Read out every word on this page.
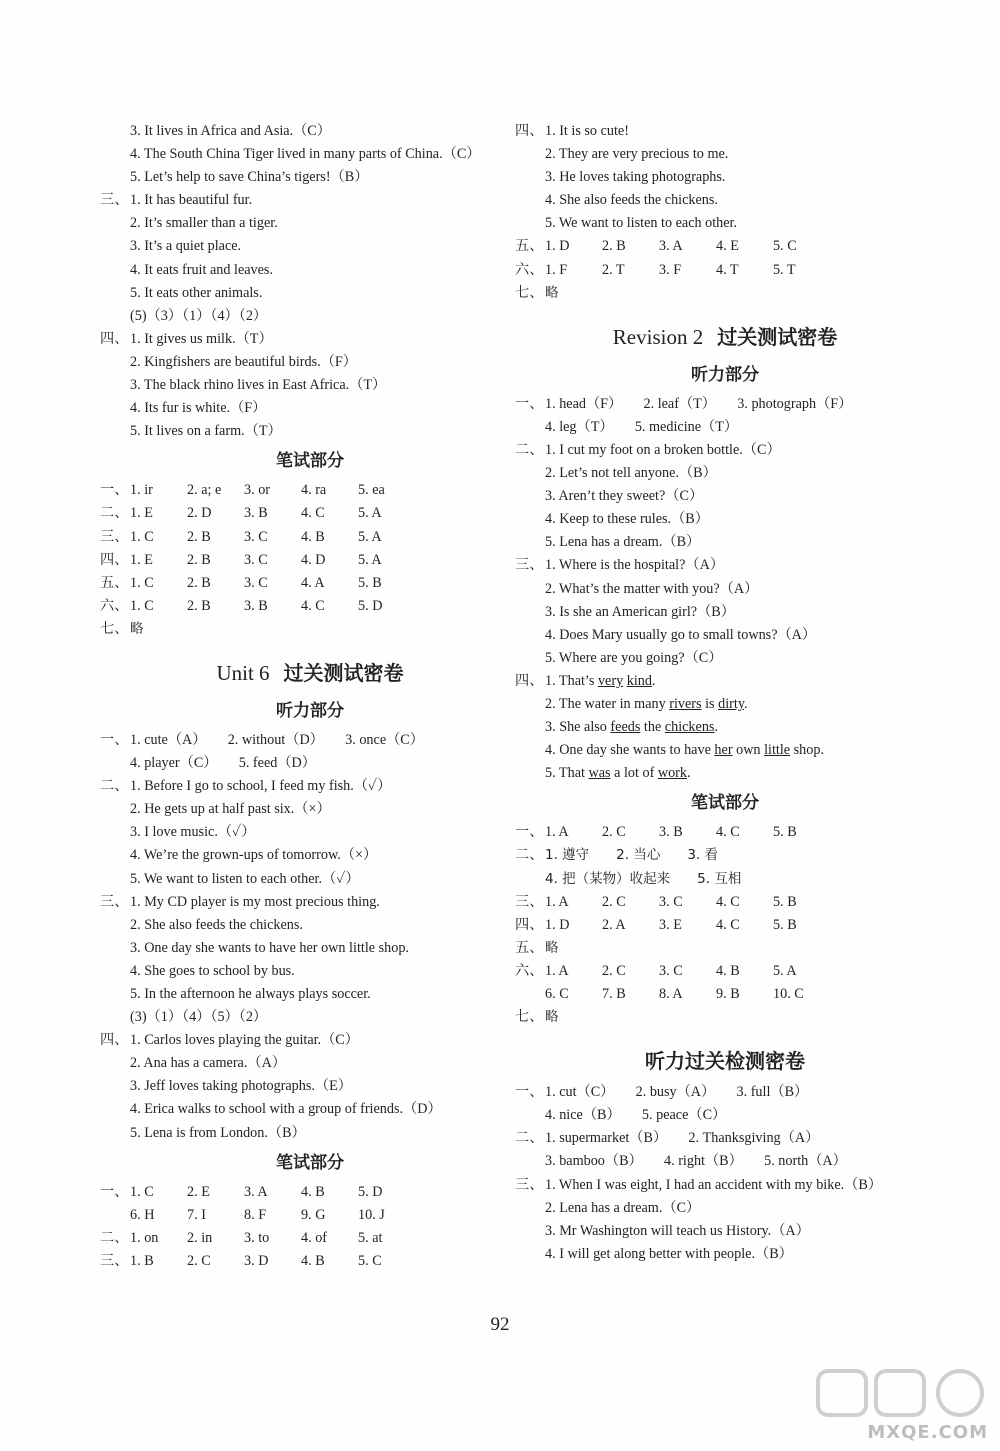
3. It lives in Africa and Asia.（C）
4. The South China Tiger lived in many parts of China.（C）
5. Let’s help to save China’s tigers!（B）
三、 1. It has beautiful fur.
2. It’s smaller than a tiger.
3. It’s a quiet place.
4. It eats fruit and leaves.
5. It eats other animals.
(5)（3）（1）（4）（2）
四、 1. It gives us milk.（T）
2. Kingfishers are beautiful birds.（F）
3. The black rhino lives in East Africa.（T）
4. Its fur is white.（F）
5. It lives on a farm.（T）
笔试部分
一、 1. ir 2. a; e 3. or 4. ra 5. ea
二、 1. E 2. D 3. B 4. C 5. A
三、 1. C 2. B 3. C 4. B 5. A
四、 1. E 2. B 3. C 4. D 5. A
五、 1. C 2. B 3. C 4. A 5. B
六、 1. C 2. B 3. B 4. C 5. D
七、 略
Unit 6 过关测试密卷
听力部分
一、 1. cute（A）　　2. without（D）　　3. once（C）
4. player（C）　　5. feed（D）
二、 1. Before I go to school, I feed my fish.（✓）
2. He gets up at half past six.（×）
3. I love music.（✓）
4. We’re the grown-ups of tomorrow.（×）
5. We want to listen to each other.（✓）
三、 1. My CD player is my most precious thing.
2. She also feeds the chickens.
3. One day she wants to have her own little shop.
4. She goes to school by bus.
5. In the afternoon he always plays soccer.
(3)（1）（4）（5）（2）
四、 1. Carlos loves playing the guitar.（C）
2. Ana has a camera.（A）
3. Jeff loves taking photographs.（E）
4. Erica walks to school with a group of friends.（D）
5. Lena is from London.（B）
笔试部分
一、 1. C 2. E 3. A 4. B 5. D
6. H 7. I	8. F 9. G 10. J
二、 1. on 2. in 3. to 4. of 5. at
三、 1. B 2. C 3. D 4. B 5. C
四、 1. It is so cute!
2. They are very precious to me.
3. He loves taking photographs.
4. She also feeds the chickens.
5. We want to listen to each other.
五、 1. D 2. B 3. A 4. E 5. C
六、 1. F 2. T 3. F 4. T 5. T
七、 略
Revision 2 过关测试密卷
听力部分
一、 1. head（F）　　2. leaf（T）　　3. photograph（F）
4. leg（T）　　5. medicine（T）
二、 1. I cut my foot on a broken bottle.（C）
2. Let’s not tell anyone.（B）
3. Aren’t they sweet?（C）
4. Keep to these rules.（B）
5. Lena has a dream.（B）
三、 1. Where is the hospital?（A）
2. What’s the matter with you?（A）
3. Is she an American girl?（B）
4. Does Mary usually go to small towns?（A）
5. Where are you going?（C）
四、 1. That’s very kind.
2. The water in many rivers is dirty.
3. She also feeds the chickens.
4. One day she wants to have her own little shop.
5. That was a lot of work.
笔试部分
一、 1. A 2. C 3. B 4. C 5. B
二、 1. 遵守　　2. 当心　　3. 看
4. 把（某物）收起来　　5. 互相
三、 1. A 2. C 3. C 4. C 5. B
四、 1. D 2. A 3. E 4. C 5. B
五、 略
六、 1. A 2. C 3. C 4. B 5. A
6. C 7. B 8. A 9. B 10. C
七、 略
听力过关检测密卷
一、 1. cut（C）　　2. busy（A）　　3. full（B）
4. nice（B）　　5. peace（C）
二、 1. supermarket（B）　　2. Thanksgiving（A）
3. bamboo（B）　　4. right（B）　　5. north（A）
三、 1. When I was eight, I had an accident with my bike.（B）
2. Lena has a dream.（C）
3. Mr Washington will teach us History.（A）
4. I will get along better with people.（B）
92
MXQE.COM
